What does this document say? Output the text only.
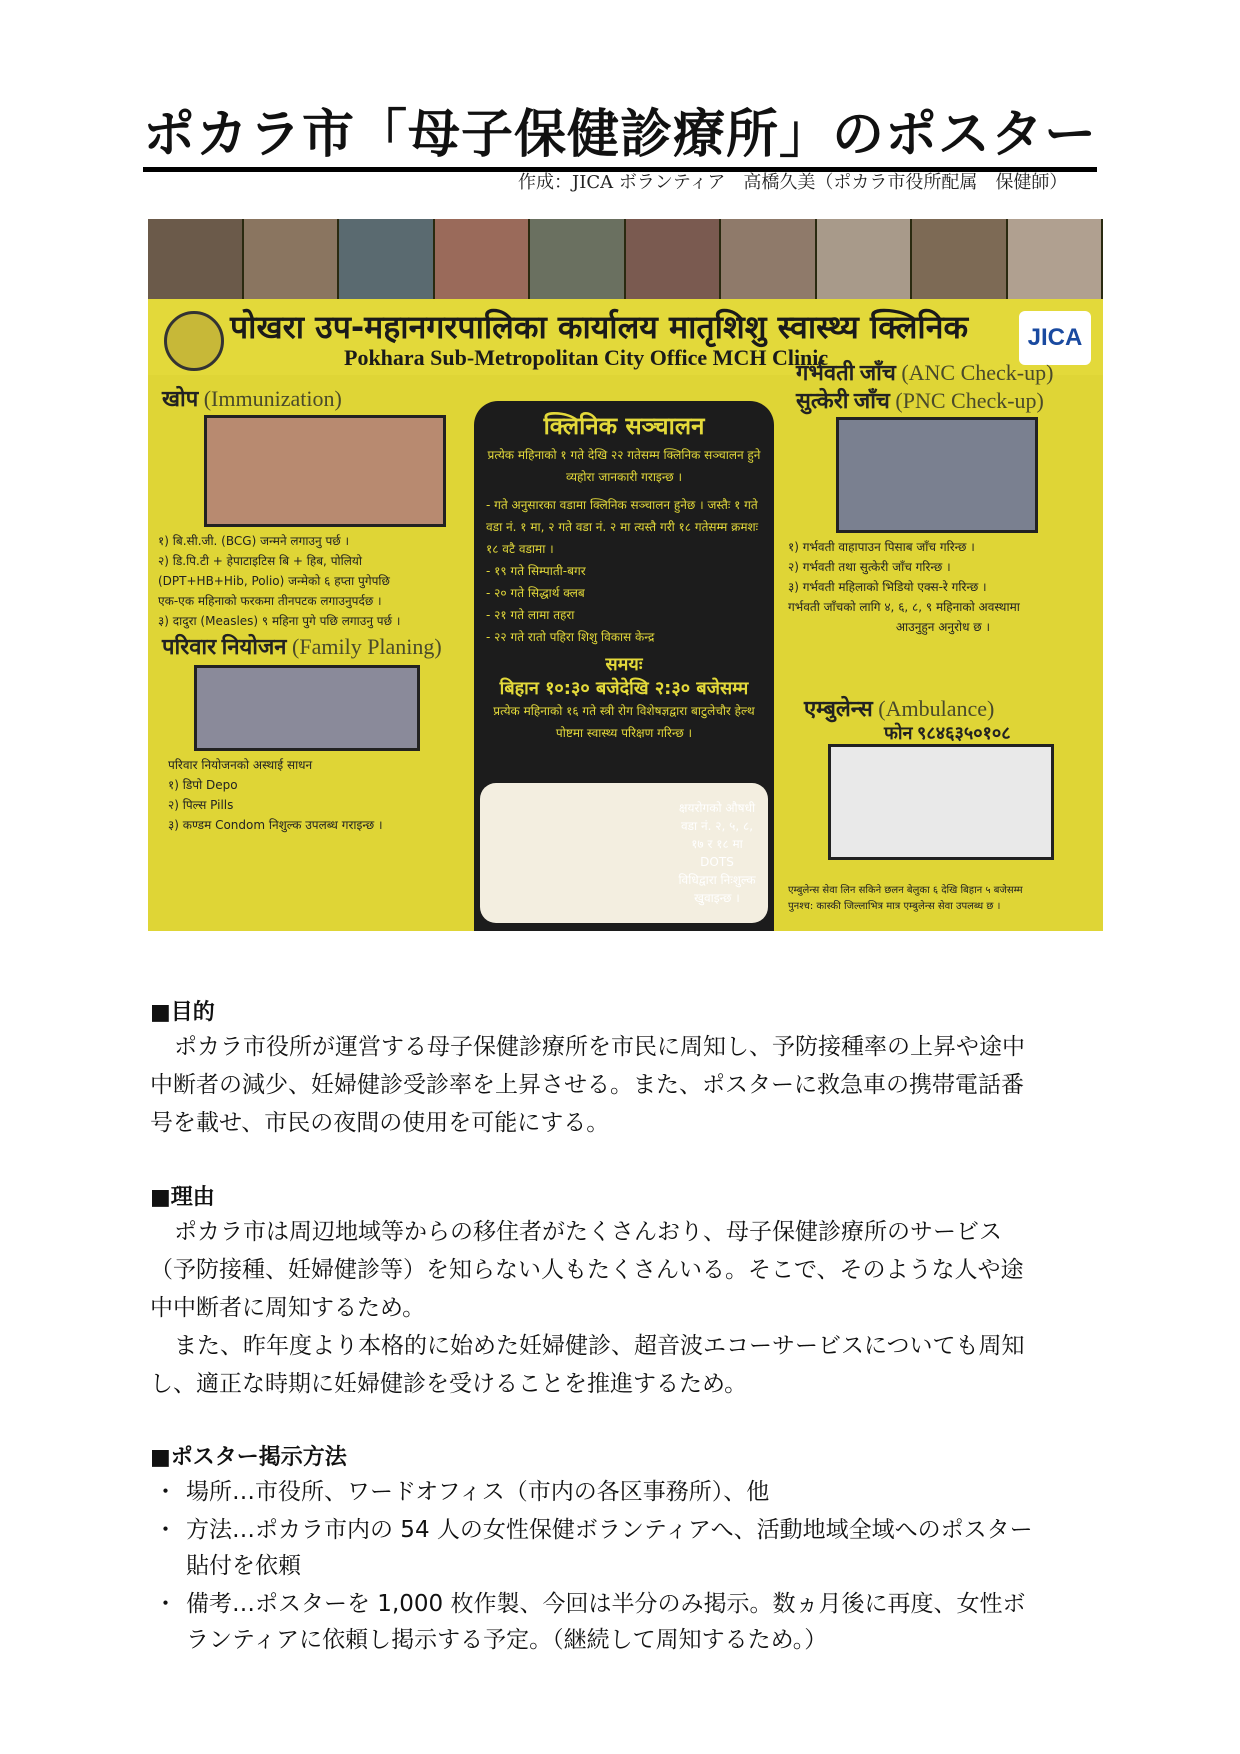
ポカラ市「母子保健診療所」のポスター
作成：JICA ボランティア　高橋久美（ポカラ市役所配属　保健師）
पोखरा उप-महानगरपालिका कार्यालय मातृशिशु स्वास्थ्य क्लिनिक
Pokhara Sub-Metropolitan City Office MCH Clinic
JICA
खोप (Immunization)
१) बि.सी.जी. (BCG) जन्मने लगाउनु पर्छ ।
२) डि.पि.टी + हेपाटाइटिस बि + हिब, पोलियो
(DPT+HB+Hib, Polio) जन्मेको ६ हप्ता पुगेपछि
एक-एक महिनाको फरकमा तीनपटक लगाउनुपर्दछ ।
३) दादुरा (Measles) ९ महिना पुगे पछि लगाउनु पर्छ ।
परिवार नियोजन (Family Planing)
परिवार नियोजनको अस्थाई साधन
१) डिपो Depo
२) पिल्स Pills
३) कण्डम Condom निशुल्क उपलब्ध गराइन्छ ।
क्लिनिक सञ्चालन
प्रत्येक महिनाको १ गते देखि २२ गतेसम्म क्लिनिक सञ्चालन हुने व्यहोरा जानकारी गराइन्छ ।
- गते अनुसारका वडामा क्लिनिक सञ्चालन हुनेछ । जस्तैः १ गते वडा नं. १ मा, २ गते वडा नं. २ मा त्यस्तै गरी १८ गतेसम्म क्रमशः १८ वटै वडामा ।
- १९ गते सिम्पाती-बगर
- २० गते सिद्धार्थ क्लब
- २१ गते लामा तहरा
- २२ गते रातो पहिरा शिशु विकास केन्द्र
समयः
बिहान १०:३० बजेदेखि २:३० बजेसम्म
प्रत्येक महिनाको १६ गते स्त्री रोग विशेषज्ञद्वारा बाटुलेचौर हेल्थ पोष्टमा स्वास्थ्य परिक्षण गरिन्छ ।
क्षयरोगको औषधी
वडा नं. २, ५, ८,
१७ र १८ मा
DOTS
विधिद्वारा निःशुल्क
खुवाइन्छ ।
गर्भवती जाँच (ANC Check-up)
सुत्केरी जाँच (PNC Check-up)
१) गर्भवती वाहापाउन पिसाब जाँच गरिन्छ ।
२) गर्भवती तथा सुत्केरी जाँच गरिन्छ ।
३) गर्भवती महिलाको भिडियो एक्स-रे गरिन्छ ।
गर्भवती जाँचको लागि ४, ६, ८, ९ महिनाको अवस्थामा
आउनुहुन अनुरोध छ ।
एम्बुलेन्स (Ambulance)
फोन ९८४६३५०१०८
एम्बुलेन्स सेवा लिन सकिने छलन बेलुका ६ देखि बिहान ५ बजेसम्म
पुनश्च: कास्की जिल्लाभित्र मात्र एम्बुलेन्स सेवा उपलब्ध छ ।
■目的
ポカラ市役所が運営する母子保健診療所を市民に周知し、予防接種率の上昇や途中
中断者の減少、妊婦健診受診率を上昇させる。また、ポスターに救急車の携帯電話番
号を載せ、市民の夜間の使用を可能にする。
■理由
ポカラ市は周辺地域等からの移住者がたくさんおり、母子保健診療所のサービス
（予防接種、妊婦健診等）を知らない人もたくさんいる。そこで、そのような人や途
中中断者に周知するため。
また、昨年度より本格的に始めた妊婦健診、超音波エコーサービスについても周知
し、適正な時期に妊婦健診を受けることを推進するため。
■ポスター掲示方法
・ 場所…市役所、ワードオフィス（市内の各区事務所）、他
・ 方法…ポカラ市内の 54 人の女性保健ボランティアへ、活動地域全域へのポスター
貼付を依頼
・ 備考…ポスターを 1,000 枚作製、今回は半分のみ掲示。数ヵ月後に再度、女性ボ
ランティアに依頼し掲示する予定。（継続して周知するため。）
